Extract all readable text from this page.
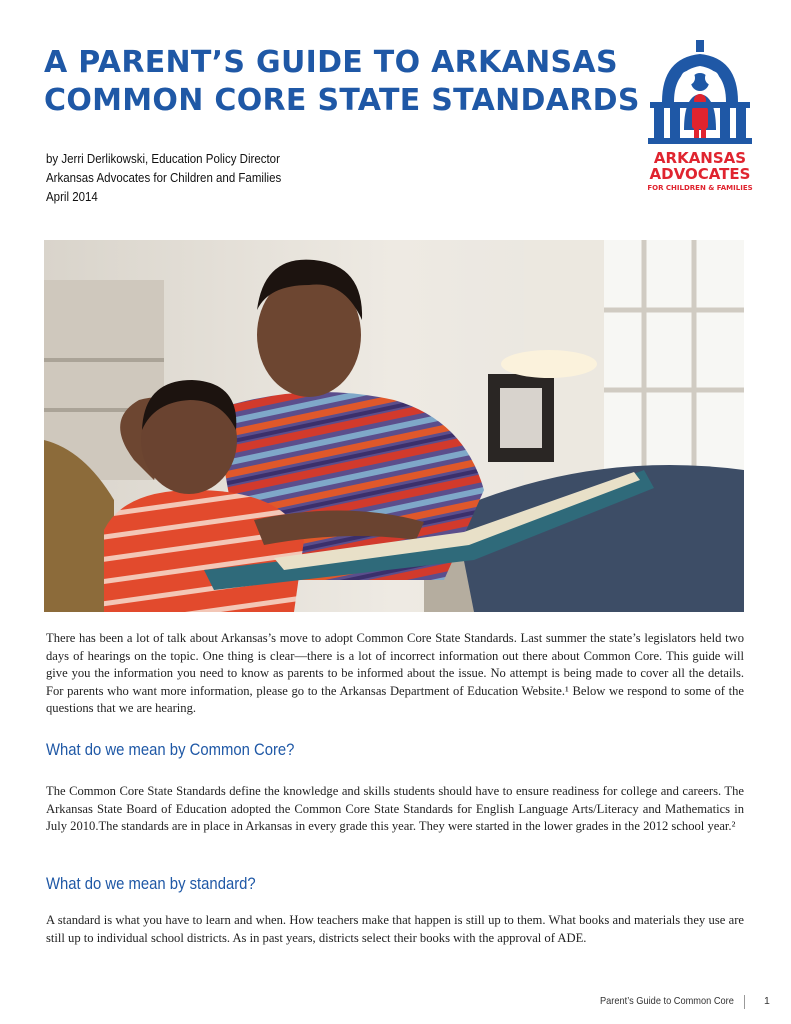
A PARENT’S GUIDE TO ARKANSAS
COMMON CORE STATE STANDARDS
by Jerri Derlikowski, Education Policy Director
Arkansas Advocates for Children and Families
April 2014
ARKANSAS
ADVOCATES
FOR CHILDREN & FAMILIES
There has been a lot of talk about Arkansas’s move to adopt Common Core State Standards. Last summer the state’s legislators held two days of hearings on the topic. One thing is clear—there is a lot of incorrect information out there about Common Core. This guide will give you the information you need to know as parents to be informed about the issue. No attempt is being made to cover all the details. For parents who want more information, please go to the Arkansas Department of Education Website.¹ Below we respond to some of the questions that we are hearing.
What do we mean by Common Core?
The Common Core State Standards define the knowledge and skills students should have to ensure readiness for college and careers. The Arkansas State Board of Education adopted the Common Core State Standards for English Language Arts/Literacy and Mathematics in July 2010.The standards are in place in Arkansas in every grade this year. They were started in the lower grades in the 2012 school year.²
What do we mean by standard?
A standard is what you have to learn and when. How teachers make that happen is still up to them. What books and materials they use are still up to individual school districts. As in past years, districts select their books with the approval of ADE.
Parent’s Guide to Common Core	1
